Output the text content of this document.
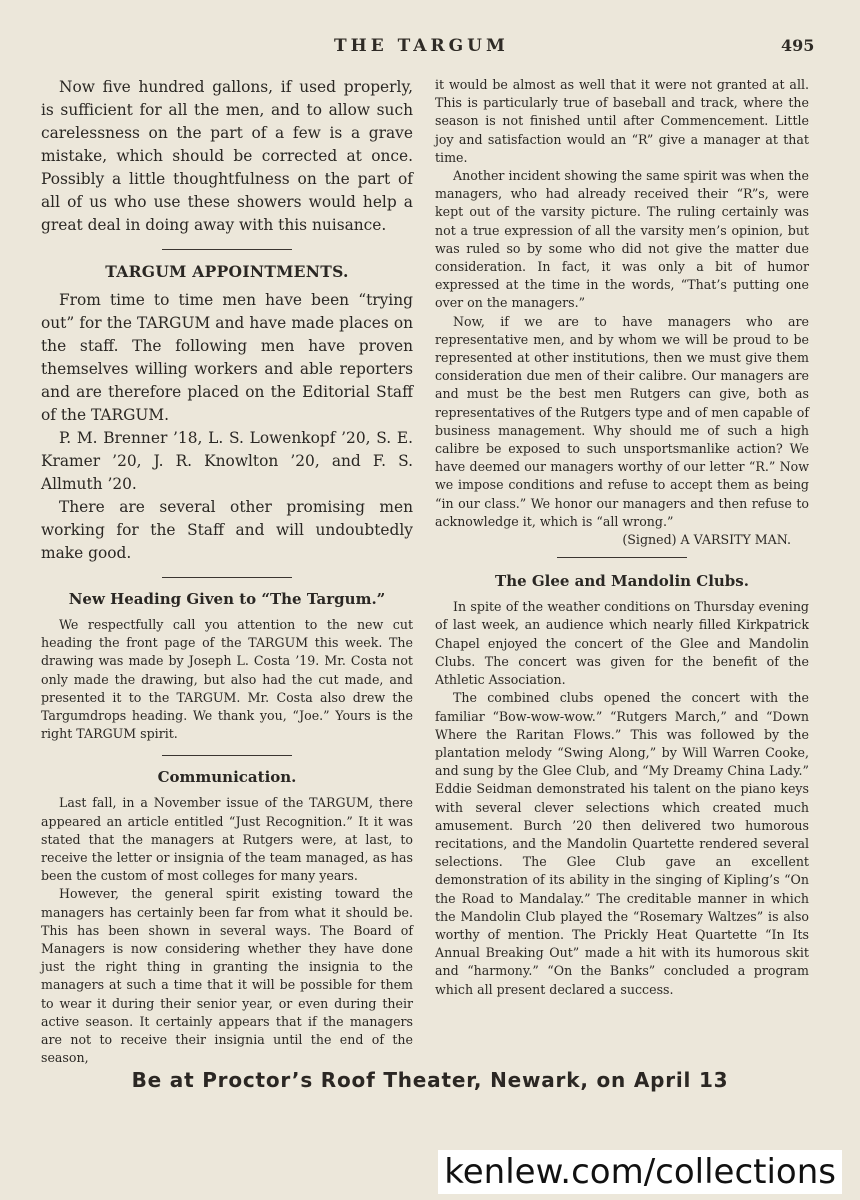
THE TARGUM	495

Now five hundred gallons, if used properly, is sufficient for all the men, and to allow such carelessness on the part of a few is a grave mistake, which should be corrected at once. Possibly a little thoughtfulness on the part of all of us who use these showers would help a great deal in doing away with this nuisance.

TARGUM APPOINTMENTS.

From time to time men have been “trying out” for the TARGUM and have made places on the staff. The following men have proven themselves willing workers and able reporters and are therefore placed on the Editorial Staff of the TARGUM.

P. M. Brenner ’18, L. S. Lowenkopf ’20, S. E. Kramer ’20, J. R. Knowlton ’20, and F. S. Allmuth ’20.

There are several other promising men working for the Staff and will undoubtedly make good.

New Heading Given to “The Targum.”

We respectfully call you attention to the new cut heading the front page of the TARGUM this week. The drawing was made by Joseph L. Costa ’19. Mr. Costa not only made the drawing, but also had the cut made, and presented it to the TARGUM. Mr. Costa also drew the Targumdrops heading. We thank you, “Joe.” Yours is the right TARGUM spirit.

Communication.

Last fall, in a November issue of the TARGUM, there appeared an article entitled “Just Recognition.” It it was stated that the managers at Rutgers were, at last, to receive the letter or insignia of the team managed, as has been the custom of most colleges for many years.

However, the general spirit existing toward the managers has certainly been far from what it should be. This has been shown in several ways. The Board of Managers is now considering whether they have done just the right thing in granting the insignia to the managers at such a time that it will be possible for them to wear it during their senior year, or even during their active season. It certainly appears that if the managers are not to receive their insignia until the end of the season,

it would be almost as well that it were not granted at all. This is particularly true of baseball and track, where the season is not finished until after Commencement. Little joy and satisfaction would an “R” give a manager at that time.

Another incident showing the same spirit was when the managers, who had already received their “R”s, were kept out of the varsity picture. The ruling certainly was not a true expression of all the varsity men’s opinion, but was ruled so by some who did not give the matter due consideration. In fact, it was only a bit of humor expressed at the time in the words, “That’s putting one over on the managers.”

Now, if we are to have managers who are representative men, and by whom we will be proud to be represented at other institutions, then we must give them consideration due men of their calibre. Our managers are and must be the best men Rutgers can give, both as representatives of the Rutgers type and of men capable of business management. Why should me of such a high calibre be exposed to such unsportsmanlike action? We have deemed our managers worthy of our letter “R.” Now we impose conditions and refuse to accept them as being “in our class.” We honor our managers and then refuse to acknowledge it, which is “all wrong.”

(Signed) A VARSITY MAN.
The Glee and Mandolin Clubs.

In spite of the weather conditions on Thursday evening of last week, an audience which nearly filled Kirkpatrick Chapel enjoyed the concert of the Glee and Mandolin Clubs. The concert was given for the benefit of the Athletic Association.

The combined clubs opened the concert with the familiar “Bow-wow-wow.” “Rutgers March,” and “Down Where the Raritan Flows.” This was followed by the plantation melody “Swing Along,” by Will Warren Cooke, and sung by the Glee Club, and “My Dreamy China Lady.” Eddie Seidman demonstrated his talent on the piano keys with several clever selections which created much amusement. Burch ’20 then delivered two humorous recitations, and the Mandolin Quartette rendered several selections. The Glee Club gave an excellent demonstration of its ability in the singing of Kipling’s “On the Road to Mandalay.” The creditable manner in which the Mandolin Club played the “Rosemary Waltzes” is also worthy of mention. The Prickly Heat Quartette “In Its Annual Breaking Out” made a hit with its humorous skit and “harmony.” “On the Banks” concluded a program which all present declared a success.

Be at Proctor’s Roof Theater, Newark, on April 13
kenlew.com/collections
